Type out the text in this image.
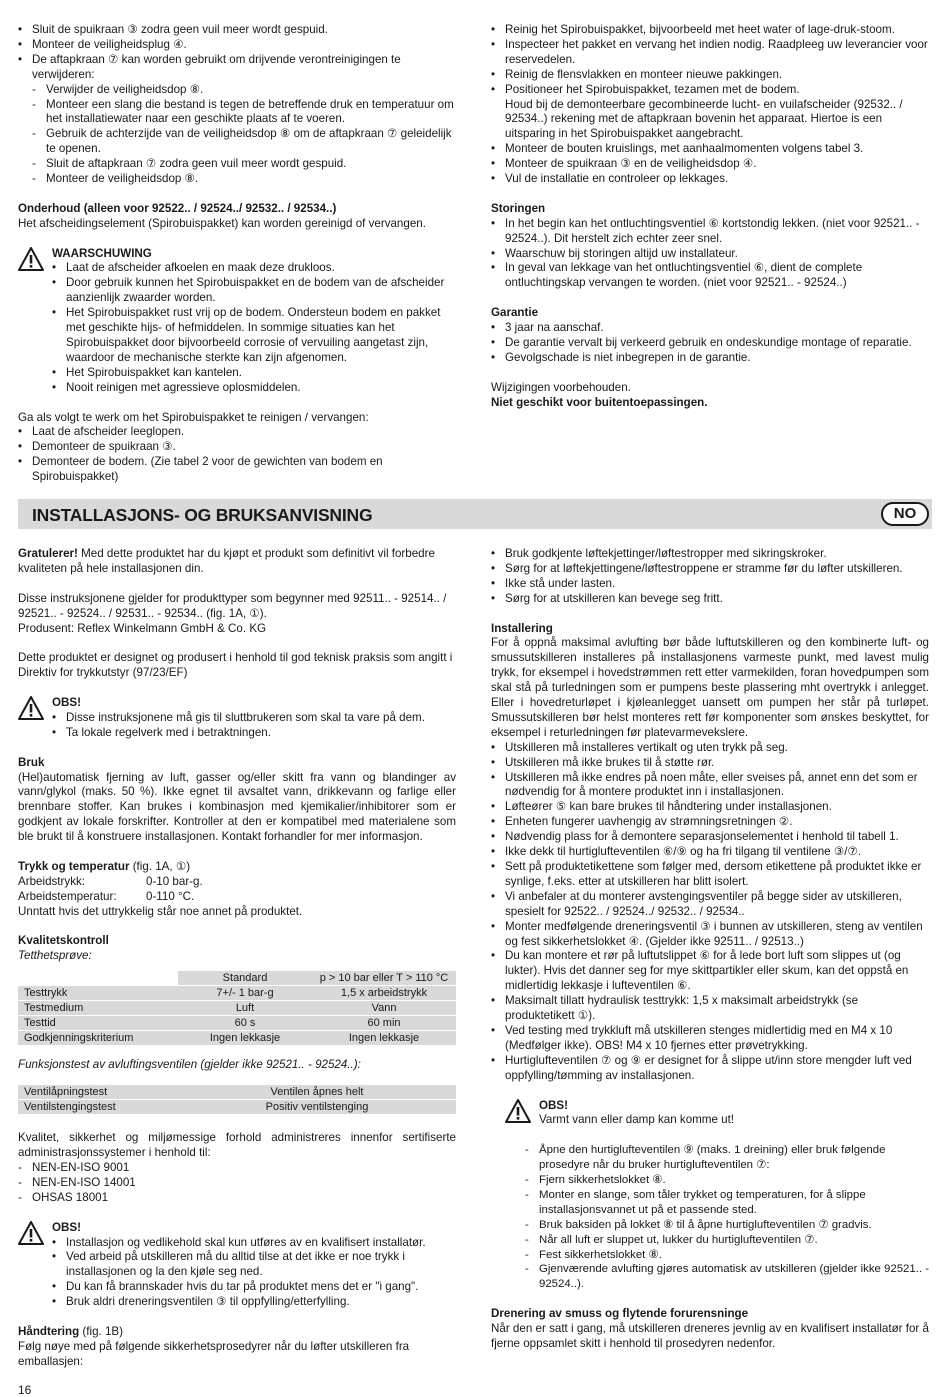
• Sluit de spuikraan ③ zodra geen vuil meer wordt gespuid.
• Monteer de veiligheidsplug ④.
• De aftapkraan ⑦ kan worden gebruikt om drijvende verontreinigingen te verwijderen:
- Verwijder de veiligheidsdop ⑧.
- Monteer een slang die bestand is tegen de betreffende druk en temperatuur om het installatiewater naar een geschikte plaats af te voeren.
- Gebruik de achterzijde van de veiligheidsdop ⑧ om de aftapkraan ⑦ geleidelijk te openen.
- Sluit de aftapkraan ⑦ zodra geen vuil meer wordt gespuid.
- Monteer de veiligheidsdop ⑧.

Onderhoud (alleen voor 92522.. / 92524../ 92532.. / 92534..)

Het afscheidingselement (Spirobuispakket) kan worden gereinigd of vervangen.

WAARSCHUWING

• Laat de afscheider afkoelen en maak deze drukloos.
• Door gebruik kunnen het Spirobuispakket en de bodem van de afscheider aanzienlijk zwaarder worden.
• Het Spirobuispakket rust vrij op de bodem. Ondersteun bodem en pakket met geschikte hijs- of hefmiddelen. In sommige situaties kan het Spirobuispakket door bijvoorbeeld corrosie of vervuiling aangetast zijn, waardoor de mechanische sterkte kan zijn afgenomen.
• Het Spirobuispakket kan kantelen.
• Nooit reinigen met agressieve oplosmiddelen.

Ga als volgt te werk om het Spirobuispakket te reinigen / vervangen:

• Laat de afscheider leeglopen.
• Demonteer de spuikraan ③.
• Demonteer de bodem. (Zie tabel 2 voor de gewichten van bodem en Spirobuispakket)
• Reinig het Spirobuispakket, bijvoorbeeld met heet water of lage-druk-stoom.
• Inspecteer het pakket en vervang het indien nodig. Raadpleeg uw leverancier voor reservedelen.
• Reinig de flensvlakken en monteer nieuwe pakkingen.
• Positioneer het Spirobuispakket, tezamen met de bodem.

Houd bij de demonteerbare gecombineerde lucht- en vuilafscheider (92532.. / 92534..) rekening met de aftapkraan bovenin het apparaat. Hiertoe is een uitsparing in het Spirobuispakket aangebracht.

• Monteer de bouten kruislings, met aanhaalmomenten volgens tabel 3.
• Monteer de spuikraan ③ en de veiligheidsdop ④.
• Vul de installatie en controleer op lekkages.

Storingen

• In het begin kan het ontluchtingsventiel ⑥ kortstondig lekken. (niet voor 92521.. - 92524..). Dit herstelt zich echter zeer snel.
• Waarschuw bij storingen altijd uw installateur.
• In geval van lekkage van het ontluchtingsventiel ⑥, dient de complete ontluchtingskap vervangen te worden. (niet voor 92521.. - 92524..)

Garantie

• 3 jaar na aanschaf.
• De garantie vervalt bij verkeerd gebruik en ondeskundige montage of reparatie.
• Gevolgschade is niet inbegrepen in de garantie.

Wijzigingen voorbehouden.

Niet geschikt voor buitentoepassingen.

INSTALLASJONS- OG BRUKSANVISNING	NO

Gratulerer! Med dette produktet har du kjøpt et produkt som definitivt vil forbedre kvaliteten på hele installasjonen din.

Disse instruksjonene gjelder for produkttyper som begynner med 92511.. - 92514.. / 92521.. - 92524.. / 92531.. - 92534.. (fig. 1A, ①).

Produsent: Reflex Winkelmann GmbH & Co. KG

Dette produktet er designet og produsert i henhold til god teknisk praksis som angitt i Direktiv for trykkutstyr (97/23/EF)

OBS!

• Disse instruksjonene må gis til sluttbrukeren som skal ta vare på dem.
• Ta lokale regelverk med i betraktningen.

Bruk

(Hel)automatisk fjerning av luft, gasser og/eller skitt fra vann og blandinger av vann/glykol (maks. 50 %). Ikke egnet til avsaltet vann, drikkevann og farlige eller brennbare stoffer. Kan brukes i kombinasjon med kjemikalier/inhibitorer som er godkjent av lokale forskrifter. Kontroller at den er kompatibel med materialene som ble brukt til å konstruere installasjonen. Kontakt forhandler for mer informasjon.

Trykk og temperatur (fig. 1A, ①)

Arbeidstrykk:	0-10 bar-g.

Arbeidstemperatur:	0-110 °C.

Unntatt hvis det uttrykkelig står noe annet på produktet.

Kvalitetskontroll

Tetthetsprøve:

	Standard	p > 10 bar eller T > 110 °C
Testtrykk	7+/- 1 bar-g	1,5 x arbeidstrykk
Testmedium	Luft	Vann
Testtid	60 s	60 min
Godkjenningskriterium	Ingen lekkasje	Ingen lekkasje

Funksjonstest av avluftingsventilen (gjelder ikke 92521.. - 92524..):

Ventilåpningstest	Ventilen åpnes helt
Ventilstengingstest	Positiv ventilstenging

Kvalitet, sikkerhet og miljømessige forhold administreres innenfor sertifiserte administrasjonssystemer i henhold til:

- NEN-EN-ISO 9001
- NEN-EN-ISO 14001
- OHSAS 18001

OBS!

• Installasjon og vedlikehold skal kun utføres av en kvalifisert installatør.
• Ved arbeid på utskilleren må du alltid tilse at det ikke er noe trykk i installasjonen og la den kjøle seg ned.
• Du kan få brannskader hvis du tar på produktet mens det er "i gang".
• Bruk aldri dreneringsventilen ③ til oppfylling/etterfylling.

Håndtering (fig. 1B)

Følg nøye med på følgende sikkerhetsprosedyrer når du løfter utskilleren fra emballasjen:

• Bruk godkjente løftekjettinger/løftestropper med sikringskroker.
• Sørg for at løftekjettingene/løftestroppene er stramme før du løfter utskilleren.
• Ikke stå under lasten.
• Sørg for at utskilleren kan bevege seg fritt.

Installering

For å oppnå maksimal avlufting bør både luftutskilleren og den kombinerte luft- og smussutskilleren installeres på installasjonens varmeste punkt, med lavest mulig trykk, for eksempel i hovedstrømmen rett etter varmekilden, foran hovedpumpen som skal stå på turledningen som er pumpens beste plassering mht overtrykk i anlegget. Eller i hovedreturløpet i kjøleanlegget uansett om pumpen her står på turløpet. Smussutskilleren bør helst monteres rett før komponenter som ønskes beskyttet, for eksempel i returledningen før platevarmevekslere.

• Utskilleren må installeres vertikalt og uten trykk på seg.
• Utskilleren må ikke brukes til å støtte rør.
• Utskilleren må ikke endres på noen måte, eller sveises på, annet enn det som er nødvendig for å montere produktet inn i installasjonen.
• Løfteører ⑤ kan bare brukes til håndtering under installasjonen.
• Enheten fungerer uavhengig av strømningsretningen ②.
• Nødvendig plass for å demontere separasjonselementet i henhold til tabell 1.
• Ikke dekk til hurtiglufteventilen ⑥/⑨ og ha fri tilgang til ventilene ③/⑦.
• Sett på produktetikettene som følger med, dersom etikettene på produktet ikke er synlige, f.eks. etter at utskilleren har blitt isolert.
• Vi anbefaler at du monterer avstengingsventiler på begge sider av utskilleren, spesielt for 92522.. / 92524../ 92532.. / 92534..
• Monter medfølgende dreneringsventil ③ i bunnen av utskilleren, steng av ventilen og fest sikkerhetslokket ④. (Gjelder ikke 92511.. / 92513..)
• Du kan montere et rør på luftutslippet ⑥ for å lede bort luft som slippes ut (og lukter). Hvis det danner seg for mye skittpartikler eller skum, kan det oppstå en midlertidig lekkasje i lufteventilen ⑥.
• Maksimalt tillatt hydraulisk testtrykk: 1,5 x maksimalt arbeidstrykk (se produktetikett ①).
• Ved testing med trykkluft må utskilleren stenges midlertidig med en M4 x 10 (Medfølger ikke). OBS! M4 x 10 fjernes etter prøvetrykking.
• Hurtiglufteventilen ⑦ og ⑨ er designet for å slippe ut/inn store mengder luft ved oppfylling/tømming av installasjonen.

OBS!

Varmt vann eller damp kan komme ut!

- Åpne den hurtiglufteventilen ⑨ (maks. 1 dreining) eller bruk følgende prosedyre når du bruker hurtiglufteventilen ⑦:
- Fjern sikkerhetslokket ⑧.
- Monter en slange, som tåler trykket og temperaturen, for å slippe installasjonsvannet ut på et passende sted.
- Bruk baksiden på lokket ⑧ til å åpne hurtiglufteventilen ⑦ gradvis.
- Når all luft er sluppet ut, lukker du hurtiglufteventilen ⑦.
- Fest sikkerhetslokket ⑧.
- Gjenværende avlufting gjøres automatisk av utskilleren (gjelder ikke 92521.. - 92524..).

Drenering av smuss og flytende forurensninge

Når den er satt i gang, må utskilleren dreneres jevnlig av en kvalifisert installatør for å fjerne oppsamlet skitt i henhold til prosedyren nedenfor.

16
